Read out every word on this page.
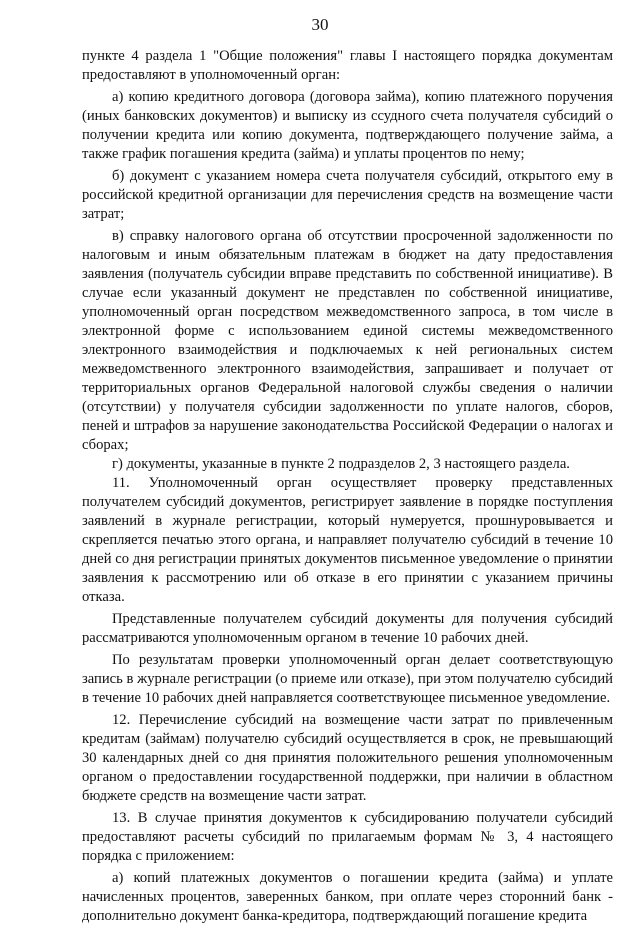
30

пункте 4 раздела 1 "Общие положения" главы I настоящего порядка документам предоставляют в уполномоченный орган:

а) копию кредитного договора (договора займа), копию платежного поручения (иных банковских документов) и выписку из ссудного счета получателя субсидий о получении кредита или копию документа, подтверждающего получение займа, а также график погашения кредита (займа) и уплаты процентов по нему;

б) документ с указанием номера счета получателя субсидий, открытого ему в российской кредитной организации для перечисления средств на возмещение части затрат;

в) справку налогового органа об отсутствии просроченной задолженности по налоговым и иным обязательным платежам в бюджет на дату предоставления заявления (получатель субсидии вправе представить по собственной инициативе). В случае если указанный документ не представлен по собственной инициативе, уполномоченный орган посредством межведомственного запроса, в том числе в электронной форме с использованием единой системы межведомственного электронного взаимодействия и подключаемых к ней региональных систем межведомственного электронного взаимодействия, запрашивает и получает от территориальных органов Федеральной налоговой службы сведения о наличии (отсутствии) у получателя субсидии задолженности по уплате налогов, сборов, пеней и штрафов за нарушение законодательства Российской Федерации о налогах и сборах;

г) документы, указанные в пункте 2 подразделов 2, 3 настоящего раздела.

11. Уполномоченный орган осуществляет проверку представленных получателем субсидий документов, регистрирует заявление в порядке поступления заявлений в журнале регистрации, который нумеруется, прошнуровывается и скрепляется печатью этого органа, и направляет получателю субсидий в течение 10 дней со дня регистрации принятых документов письменное уведомление о принятии заявления к рассмотрению или об отказе в его принятии с указанием причины отказа.

Представленные получателем субсидий документы для получения субсидий рассматриваются уполномоченным органом в течение 10 рабочих дней.

По результатам проверки уполномоченный орган делает соответствующую запись в журнале регистрации (о приеме или отказе), при этом получателю субсидий в течение 10 рабочих дней направляется соответствующее письменное уведомление.

12. Перечисление субсидий на возмещение части затрат по привлеченным кредитам (займам) получателю субсидий осуществляется в срок, не превышающий 30 календарных дней со дня принятия положительного решения уполномоченным органом о предоставлении государственной поддержки, при наличии в областном бюджете средств на возмещение части затрат.

13. В случае принятия документов к субсидированию получатели субсидий предоставляют расчеты субсидий по прилагаемым формам № 3, 4 настоящего порядка с приложением:

а) копий платежных документов о погашении кредита (займа) и уплате начисленных процентов, заверенных банком, при оплате через сторонний банк - дополнительно документ банка-кредитора, подтверждающий погашение кредита
